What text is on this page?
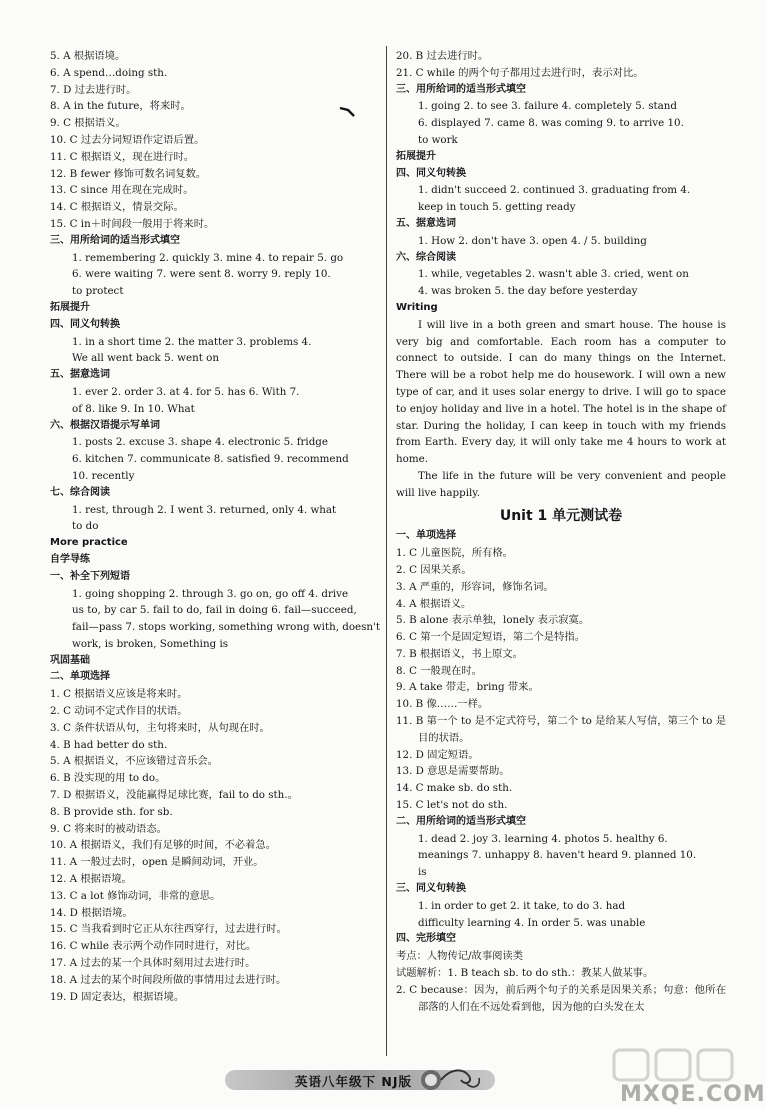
5. A 根据语境。
6. A spend…doing sth.
7. D 过去进行时。
8. A in the future，将来时。
9. C 根据语义。
10. C 过去分词短语作定语后置。
11. C 根据语义，现在进行时。
12. B fewer 修饰可数名词复数。
13. C since 用在现在完成时。
14. C 根据语义，情景交际。
15. C in＋时间段一般用于将来时。
三、用所给词的适当形式填空
1. remembering 2. quickly 3. mine 4. to repair 5. go
6. were waiting 7. were sent 8. worry 9. reply 10.
to protect
拓展提升
四、同义句转换
1. in a short time 2. the matter 3. problems 4.
We all went back 5. went on
五、据意选词
1. ever 2. order 3. at 4. for 5. has 6. With 7.
of 8. like 9. In 10. What
六、根据汉语提示写单词
1. posts 2. excuse 3. shape 4. electronic 5. fridge
6. kitchen 7. communicate 8. satisfied 9. recommend
10. recently
七、综合阅读
1. rest, through 2. I went 3. returned, only 4. what
to do
More practice
自学导练
一、补全下列短语
1. going shopping 2. through 3. go on, go off 4. drive
us to, by car 5. fail to do, fail in doing 6. fail—succeed,
fail—pass 7. stops working, something wrong with, doesn't
work, is broken, Something is
巩固基础
二、单项选择
1. C 根据语义应该是将来时。
2. C 动词不定式作目的状语。
3. C 条件状语从句，主句将来时，从句现在时。
4. B had better do sth.
5. A 根据语义，不应该错过音乐会。
6. B 没实现的用 to do。
7. D 根据语义，没能赢得足球比赛，fail to do sth.。
8. B provide sth. for sb.
9. C 将来时的被动语态。
10. A 根据语义，我们有足够的时间，不必着急。
11. A 一般过去时，open 是瞬间动词，开业。
12. A 根据语境。
13. C a lot 修饰动词，非常的意思。
14. D 根据语境。
15. C 当我看到时它正从东往西穿行，过去进行时。
16. C while 表示两个动作同时进行，对比。
17. A 过去的某一个具体时刻用过去进行时。
18. A 过去的某个时间段所做的事情用过去进行时。
19. D 固定表达，根据语境。
20. B 过去进行时。
21. C while 的两个句子都用过去进行时，表示对比。
三、用所给词的适当形式填空
1. going 2. to see 3. failure 4. completely 5. stand
6. displayed 7. came 8. was coming 9. to arrive 10.
to work
拓展提升
四、同义句转换
1. didn't succeed 2. continued 3. graduating from 4.
keep in touch 5. getting ready
五、据意选词
1. How 2. don't have 3. open 4. / 5. building
六、综合阅读
1. while, vegetables 2. wasn't able 3. cried, went on
4. was broken 5. the day before yesterday
Writing
I will live in a both green and smart house. The house is very big and comfortable. Each room has a computer to connect to outside. I can do many things on the Internet. There will be a robot help me do housework. I will own a new type of car, and it uses solar energy to drive. I will go to space to enjoy holiday and live in a hotel. The hotel is in the shape of star. During the holiday, I can keep in touch with my friends from Earth. Every day, it will only take me 4 hours to work at home.
The life in the future will be very convenient and people will live happily.
Unit 1 单元测试卷
一、单项选择
1. C 儿童医院，所有格。
2. C 因果关系。
3. A 严重的，形容词，修饰名词。
4. A 根据语义。
5. B alone 表示单独，lonely 表示寂寞。
6. C 第一个是固定短语，第二个是特指。
7. B 根据语义，书上原文。
8. C 一般现在时。
9. A take 带走，bring 带来。
10. B 像……一样。
11. B 第一个 to 是不定式符号，第二个 to 是给某人写信，第三个 to 是目的状语。
12. D 固定短语。
13. D 意思是需要帮助。
14. C make sb. do sth.
15. C let's not do sth.
二、用所给词的适当形式填空
1. dead 2. joy 3. learning 4. photos 5. healthy 6.
meanings 7. unhappy 8. haven't heard 9. planned 10.
is
三、同义句转换
1. in order to get 2. it take, to do 3. had
difficulty learning 4. In order 5. was unable
四、完形填空
考点：人物传记/故事阅读类
试题解析：1. B teach sb. to do sth.：教某人做某事。
2. C because：因为，前后两个句子的关系是因果关系；句意：他所在部落的人们在不远处看到他，因为他的白头发在太
英语八年级下 NJ版
MXQE.COM
